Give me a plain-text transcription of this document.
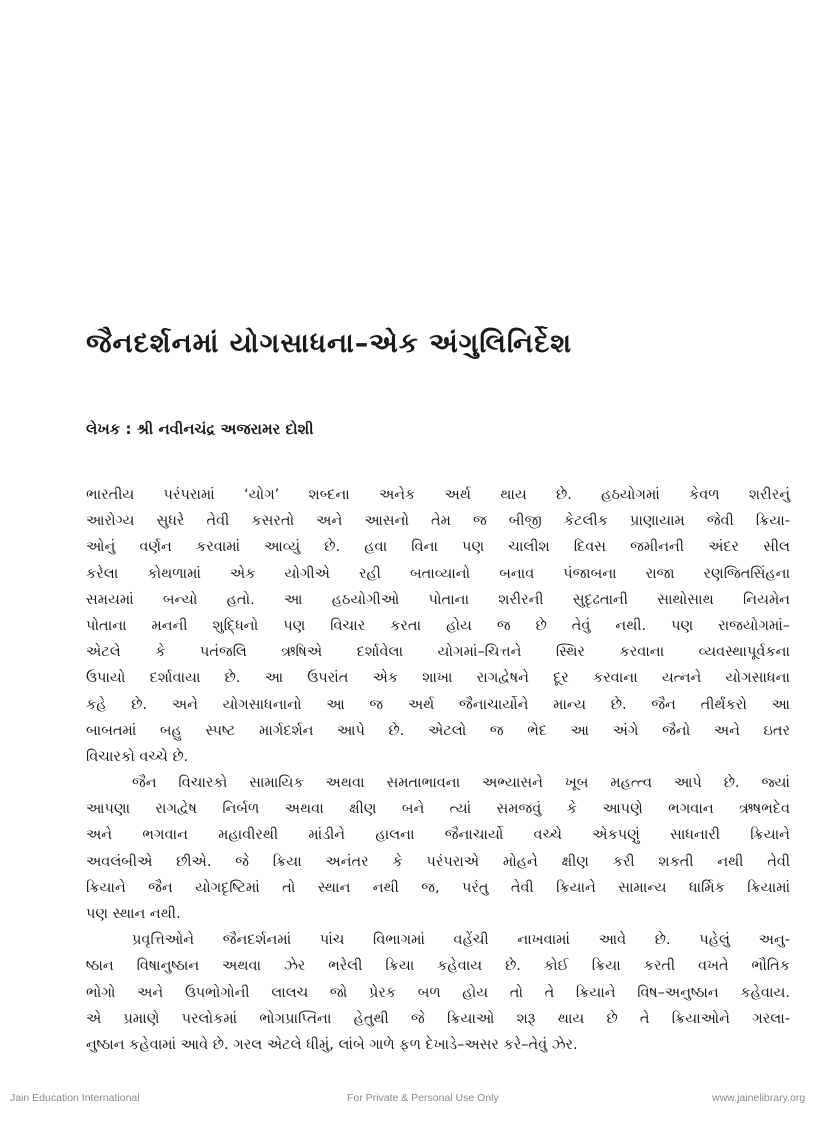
જૈનદર્શનમાં યોગસાધના–એક અંગુલિનિર્દેશ
લેખક : શ્રી નવીનચંદ્ર અજરામર દોશી
ભારતીય પરંપરામાં ‘યોગ’ શબ્દના અનેક અર્થ થાય છે. હઠયોગમાં કેવળ શરીરનું
આરોગ્ય સુધરે તેવી કસરતો અને આસનો તેમ જ બીજી કેટલીક પ્રાણાયામ જેવી ક્રિયા-
ઓનું વર્ણન કરવામાં આવ્યું છે. હવા વિના પણ ચાલીશ દિવસ જમીનની અંદર સીલ
કરેલા કોથળામાં એક યોગીએ રહી બતાવ્યાનો બનાવ પંજાબના રાજા રણજિતસિંહના
સમયમાં બન્યો હતો. આ હઠયોગીઓ પોતાના શરીરની સુદૃઢતાની સાથોસાથ નિયમેન
પોતાના મનની શુદ્ધિનો પણ વિચાર કરતા હોય જ છે તેવું નથી. પણ રાજયોગમાં–
એટલે કે પતંજલિ ઋષિએ દર્શાવેલા યોગમાં–ચિત્તને સ્થિર કરવાના વ્યવસ્થાપૂર્વકના
ઉપાયો દર્શાવાયા છે. આ ઉપરાંત એક શાખા રાગદ્વેષને દૂર કરવાના યત્નને યોગસાધના
કહે છે. અને યોગસાધનાનો આ જ અર્થ જૈનાચાર્યોને માન્ય છે. જૈન તીર્થંકરો આ
બાબતમાં બહુ સ્પષ્ટ માર્ગદર્શન આપે છે. એટલો જ ભેદ આ અંગે જૈનો અને ઇતર
વિચારકો વચ્ચે છે.
જૈન વિચારકો સામાયિક અથવા સમતાભાવના અભ્યાસને ખૂબ મહત્ત્વ આપે છે. જ્યાં
આપણા રાગદ્વેષ નિર્બળ અથવા ક્ષીણ બને ત્યાં સમજવું કે આપણે ભગવાન ઋષભદેવ
અને ભગવાન મહાવીરથી માંડીને હાલના જૈનાચાર્યો વચ્ચે એકપણું સાધનારી ક્રિયાને
અવલંબીએ છીએ. જે ક્રિયા અનંતર કે પરંપરાએ મોહને ક્ષીણ કરી શકતી નથી તેવી
ક્રિયાને જૈન યોગદૃષ્ટિમાં તો સ્થાન નથી જ, પરંતુ તેવી ક્રિયાને સામાન્ય ધાર્મિક ક્રિયામાં
પણ સ્થાન નથી.
પ્રવૃત્તિઓને જૈનદર્શનમાં પાંચ વિભાગમાં વહેંચી નાખવામાં આવે છે. પહેલું અનુ-
ષ્ઠાન વિષાનુષ્ઠાન અથવા ઝેર ભરેલી ક્રિયા કહેવાય છે. કોઈ ક્રિયા કરતી વખતે ભૌતિક
ભોગો અને ઉપભોગોની લાલચ જો પ્રેરક બળ હોય તો તે ક્રિયાને વિષ–અનુષ્ઠાન કહેવાય.
એ પ્રમાણે પરલોકમાં ભોગપ્રાપ્તિના હેતુથી જે ક્રિયાઓ શરૂ થાય છે તે ક્રિયાઓને ગરલા-
નુષ્ઠાન કહેવામાં આવે છે. ગરલ એટલે ધીમું, લાંબે ગાળે ફળ દેખાડે–અસર કરે–તેવું ઝેર.
Jain Education International	For Private & Personal Use Only	www.jainelibrary.org
